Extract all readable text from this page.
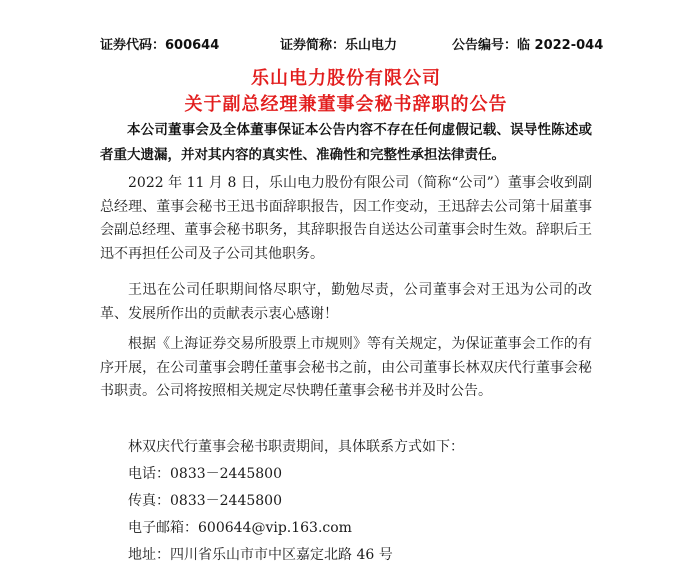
证券代码：600644	证券简称：乐山电力	公告编号：临 2022-044
乐山电力股份有限公司
关于副总经理兼董事会秘书辞职的公告
本公司董事会及全体董事保证本公告内容不存在任何虚假记载、误导性陈述或者重大遗漏，并对其内容的真实性、准确性和完整性承担法律责任。
2022 年 11 月 8 日，乐山电力股份有限公司（简称“公司”）董事会收到副总经理、董事会秘书王迅书面辞职报告，因工作变动，王迅辞去公司第十届董事会副总经理、董事会秘书职务，其辞职报告自送达公司董事会时生效。辞职后王迅不再担任公司及子公司其他职务。
王迅在公司任职期间恪尽职守，勤勉尽责，公司董事会对王迅为公司的改革、发展所作出的贡献表示衷心感谢！
根据《上海证券交易所股票上市规则》等有关规定，为保证董事会工作的有序开展，在公司董事会聘任董事会秘书之前，由公司董事长林双庆代行董事会秘书职责。公司将按照相关规定尽快聘任董事会秘书并及时公告。
林双庆代行董事会秘书职责期间，具体联系方式如下：
电话：0833－2445800
传真：0833－2445800
电子邮箱：600644@vip.163.com
地址：四川省乐山市市中区嘉定北路 46 号
